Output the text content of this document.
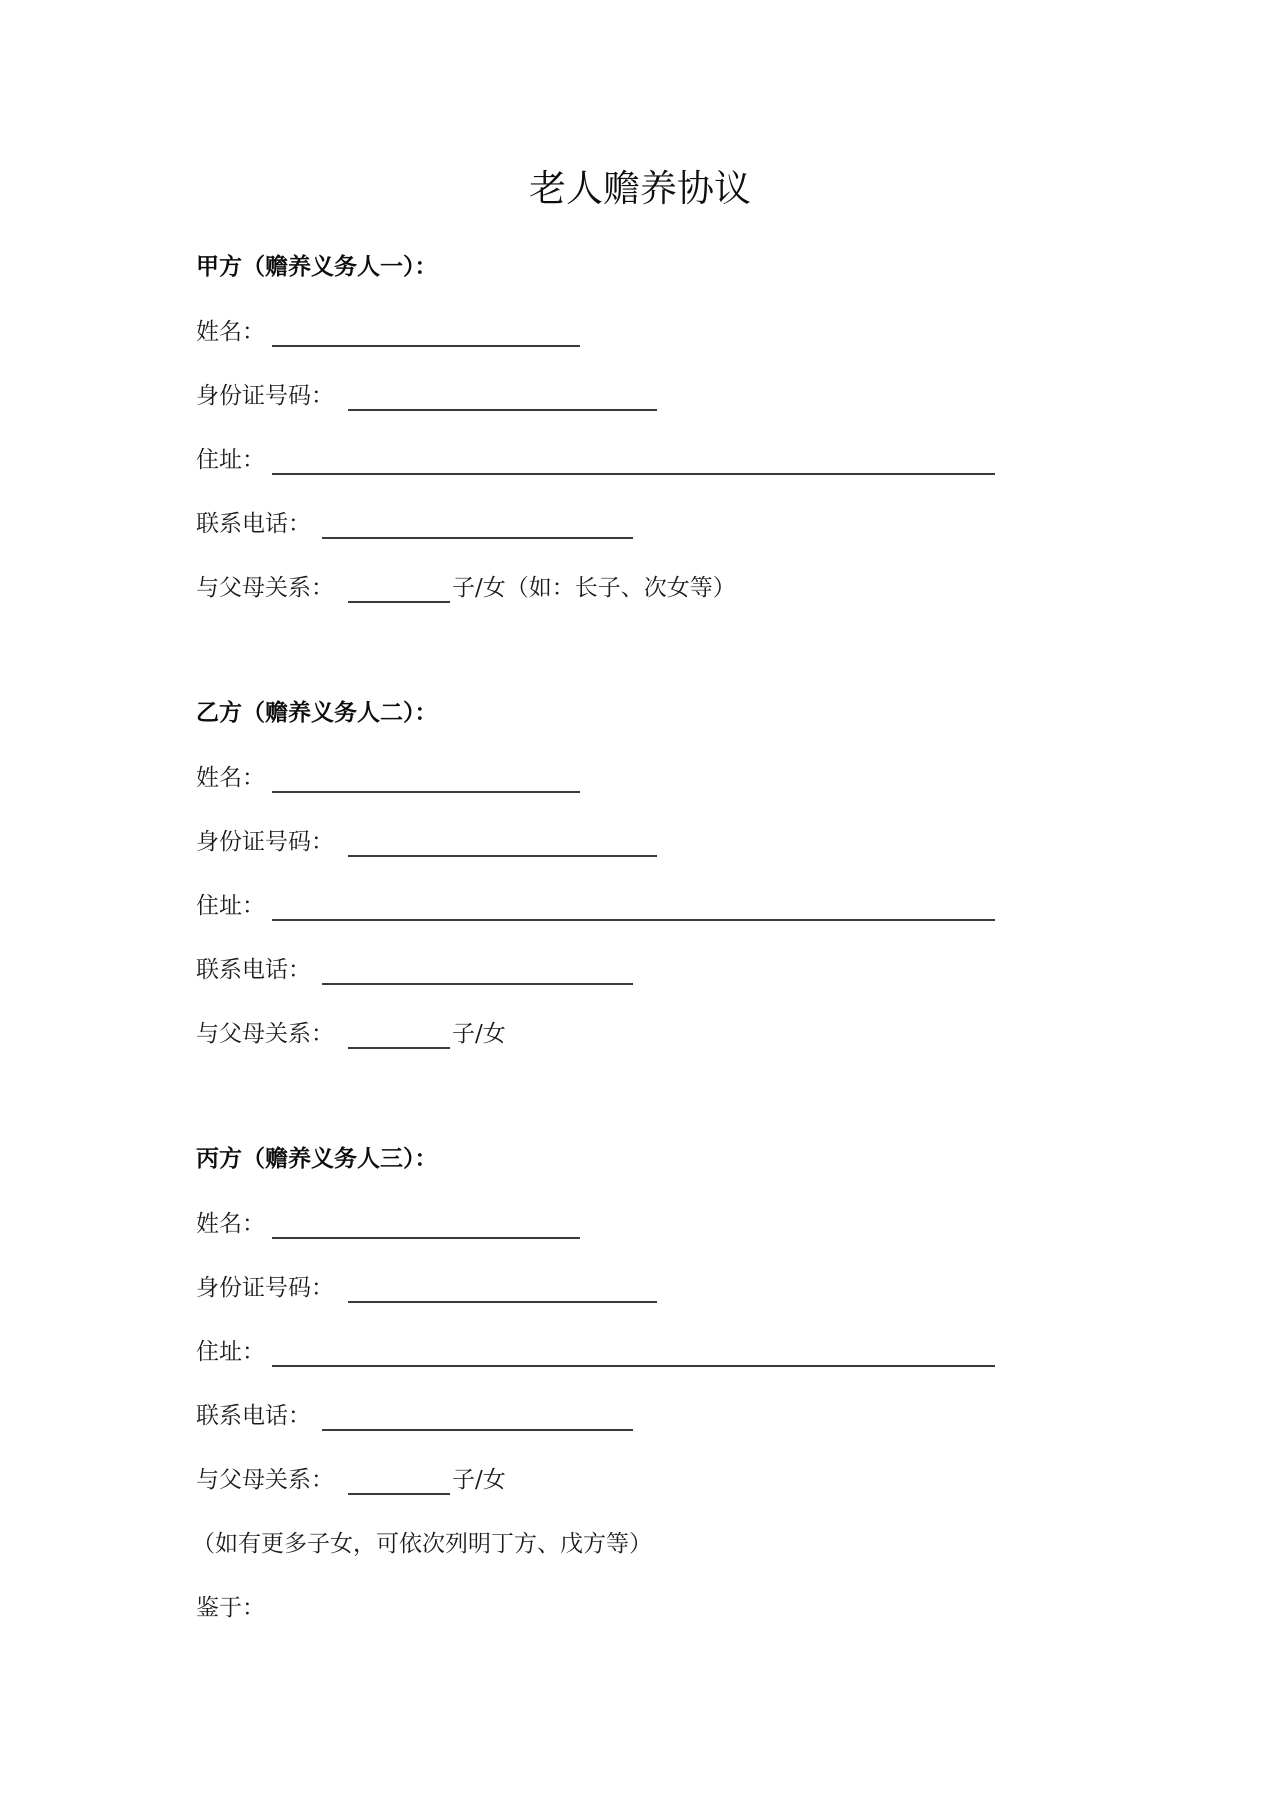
老人赡养协议
甲方（赡养义务人一）：
姓名：
身份证号码：
住址：
联系电话：
与父母关系：	子/女（如：长子、次女等）
乙方（赡养义务人二）：
姓名：
身份证号码：
住址：
联系电话：
与父母关系：	子/女
丙方（赡养义务人三）：
姓名：
身份证号码：
住址：
联系电话：
与父母关系：	子/女
（如有更多子女，可依次列明丁方、戊方等）
鉴于：
